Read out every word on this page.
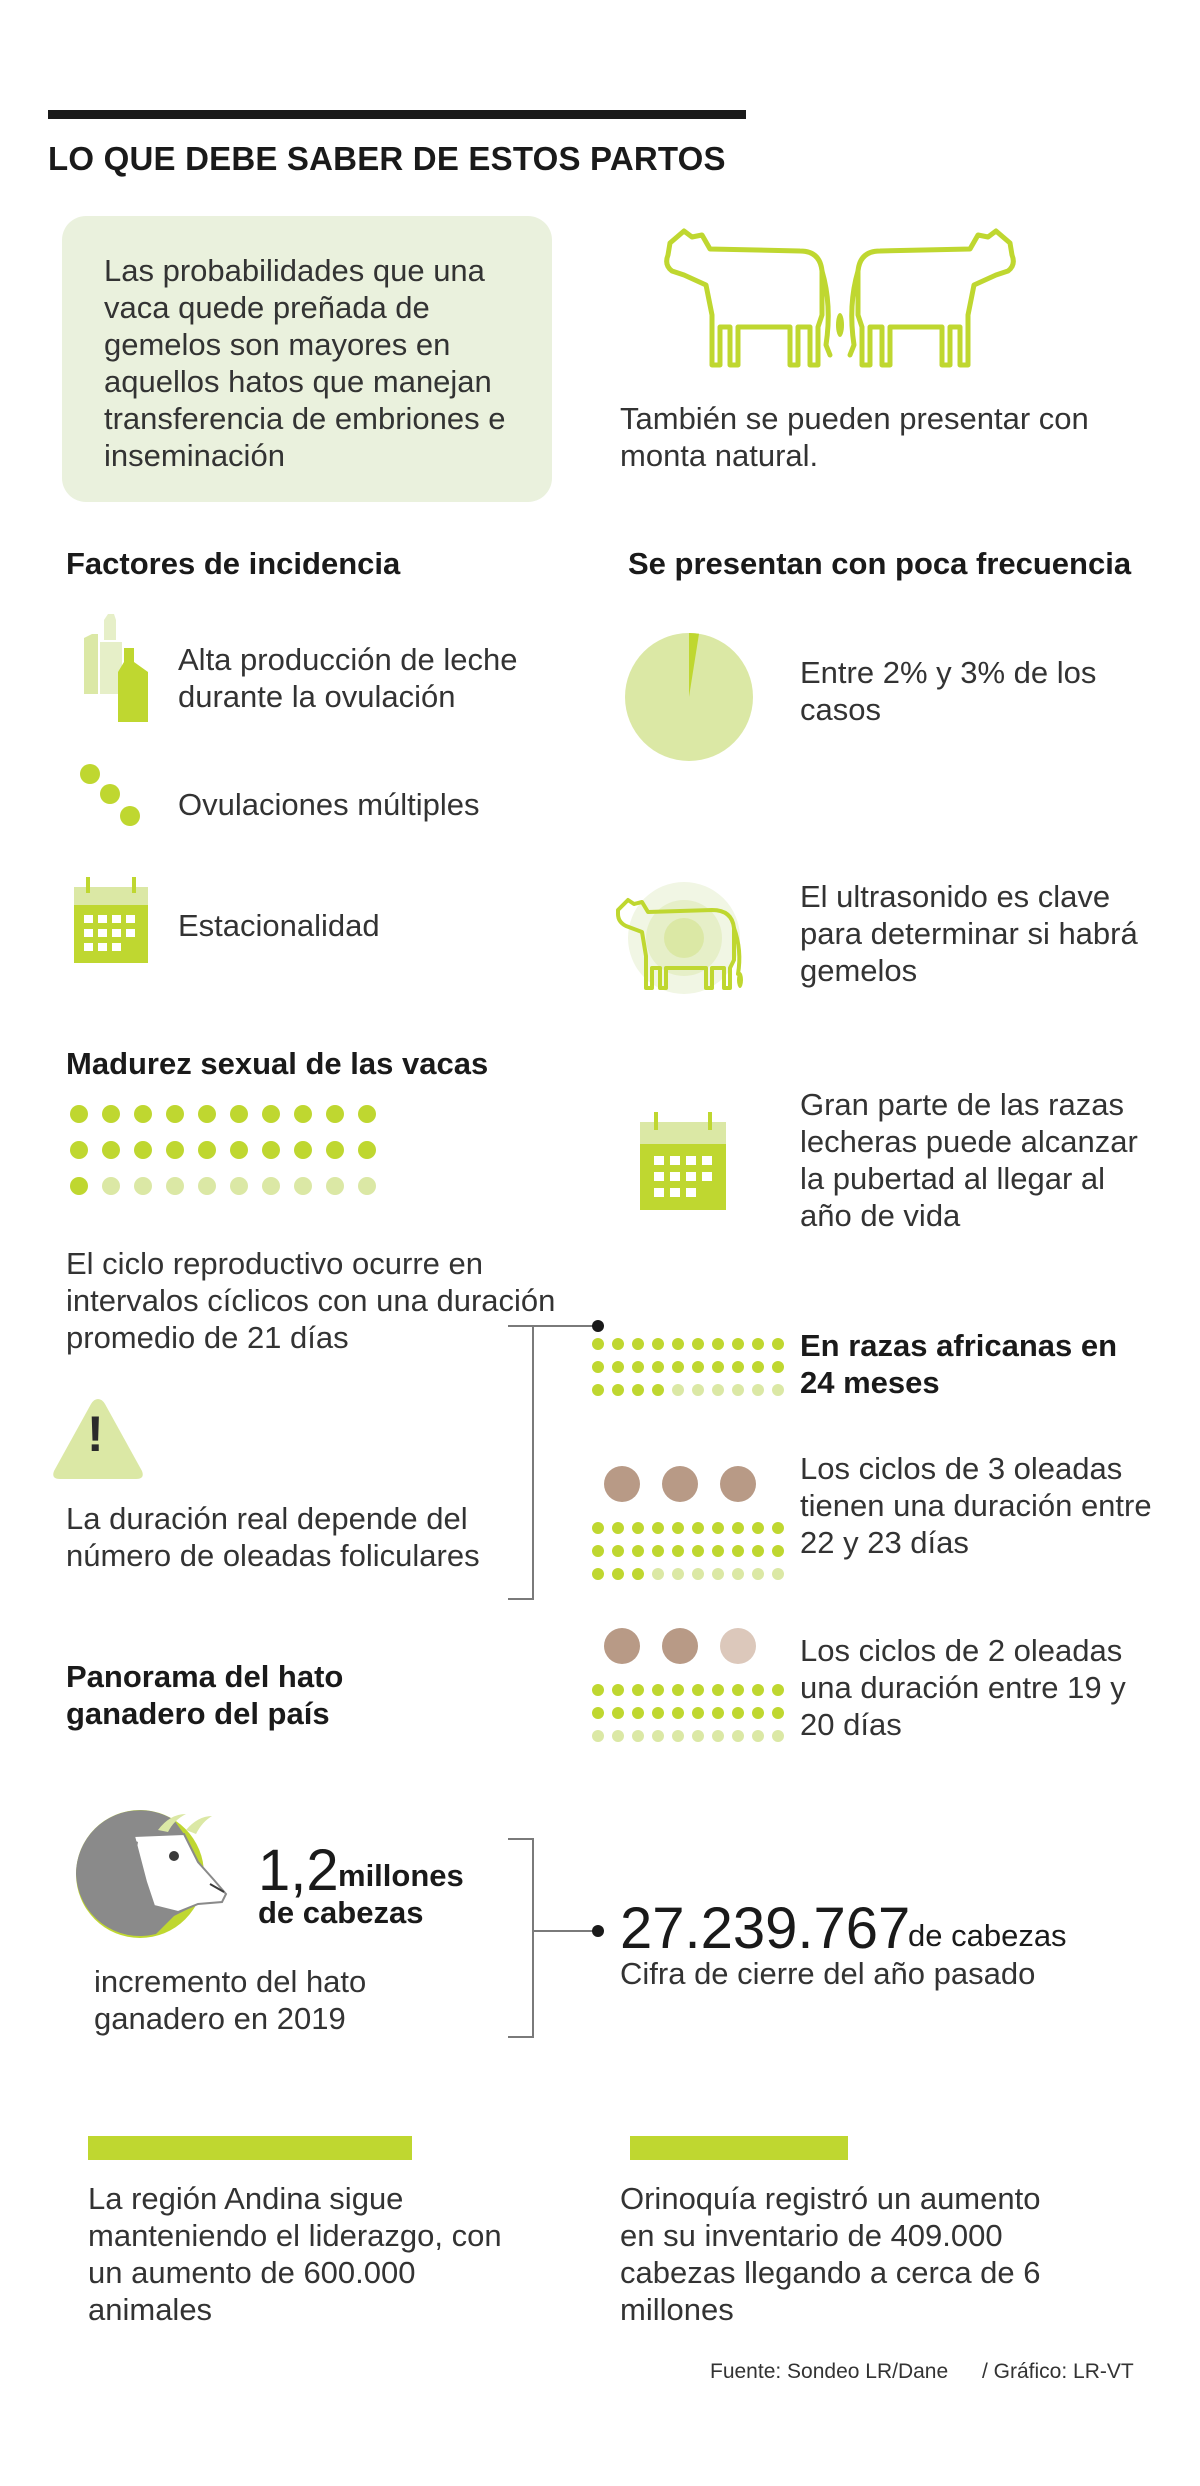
LO QUE DEBE SABER DE ESTOS PARTOS
Las probabilidades que una vaca quede preñada de gemelos son mayores en aquellos hatos que manejan transferencia de embriones e inseminación
También se pueden presentar con monta natural.
Factores de incidencia
Alta producción de leche durante la ovulación
Ovulaciones múltiples
Estacionalidad
Se presentan con poca frecuencia
Entre 2% y 3% de los casos
El ultrasonido es clave para determinar si habrá gemelos
Gran parte de las razas lecheras puede alcanzar la pubertad al llegar al año de vida
Madurez sexual de las vacas
El ciclo reproductivo ocurre en intervalos cíclicos con una duración promedio de 21 días
!
La duración real depende del número de oleadas foliculares
En razas africanas en 24 meses
Los ciclos de 3 oleadas tienen una duración entre 22 y 23 días
Los ciclos de 2 oleadas una duración entre 19 y 20 días
Panorama del hato ganadero del país
1,2 millones
de cabezas
incremento del hato ganadero en 2019
27.239.767
de cabezas
Cifra de cierre del año pasado
La región Andina sigue manteniendo el liderazgo, con un aumento de 600.000 animales
Orinoquía registró un aumento en su inventario de 409.000 cabezas llegando a cerca de 6 millones
Fuente: Sondeo LR/Dane / Gráfico: LR-VT
